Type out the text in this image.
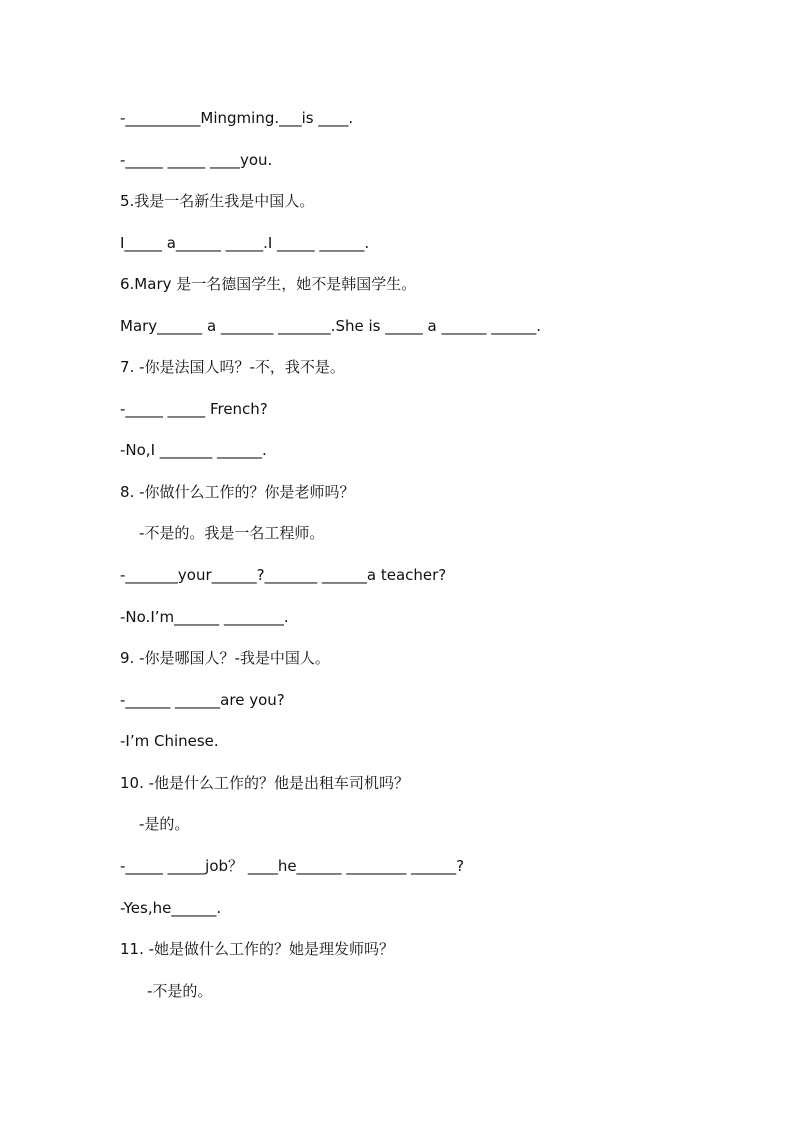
-__________Mingming.___is ____.
-_____ _____ ____you.
5.我是一名新生我是中国人。
I_____ a______ _____.I _____ ______.
6.Mary 是一名德国学生，她不是韩国学生。
Mary______ a _______ _______.She is _____ a ______ ______.
7. -你是法国人吗？-不，我不是。
-_____ _____ French?
-No,I _______ ______.
8. -你做什么工作的？你是老师吗？
-不是的。我是一名工程师。
-_______your______?_______ ______a teacher?
-No.I’m______ ________.
9. -你是哪国人？-我是中国人。
-______ ______are you?
-I’m Chinese.
10. -他是什么工作的？他是出租车司机吗？
-是的。
-_____ _____job？ ____he______ ________ ______?
-Yes,he______.
11. -她是做什么工作的？她是理发师吗？
-不是的。
